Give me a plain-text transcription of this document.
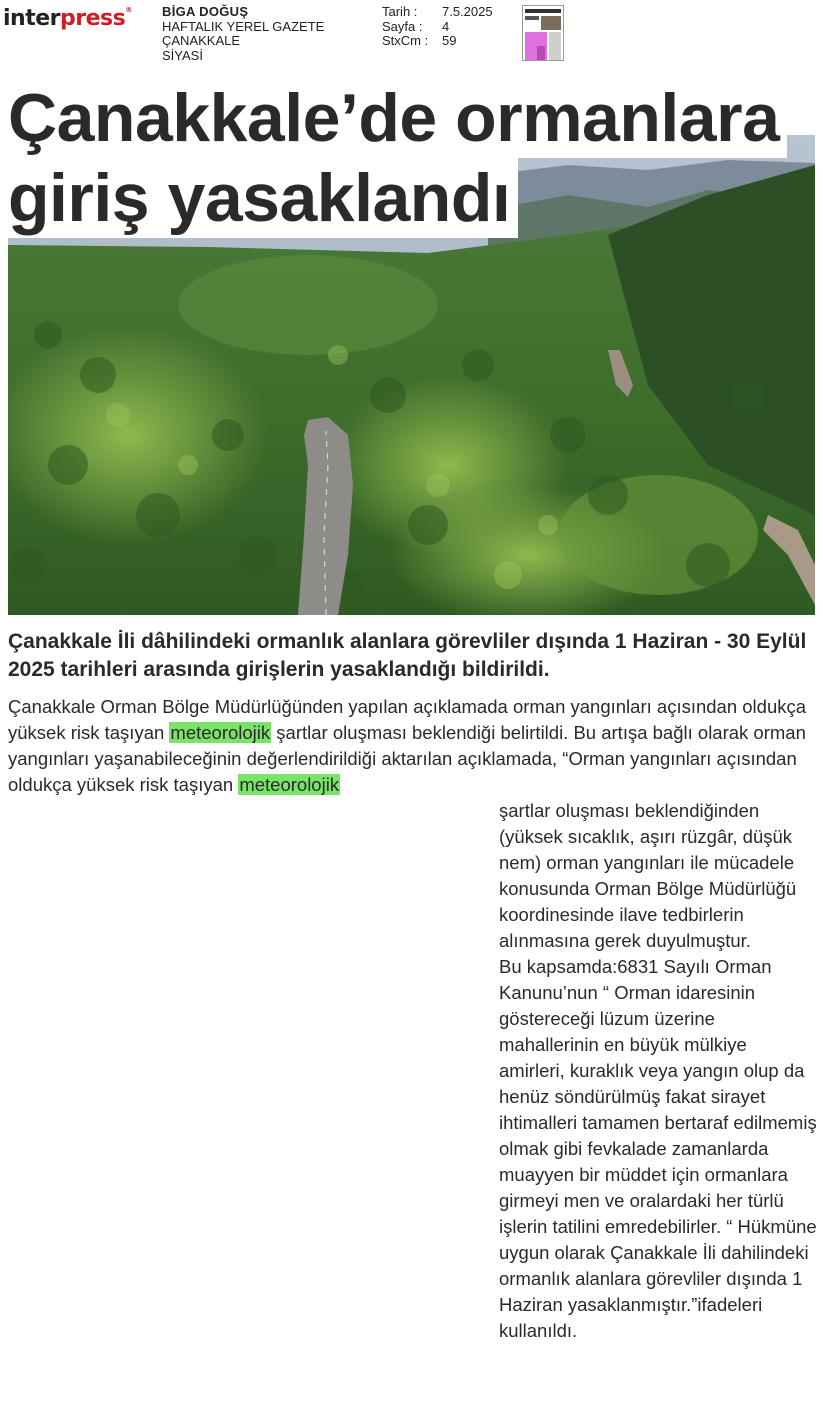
interpress® BİGA DOĞUŞ
HAFTALIK YEREL GAZETE
ÇANAKKALE
SİYASİ
Tarih :	7.5.2025
Sayfa :	4
StxCm :	59
Çanakkale’de ormanlara
giriş yasaklandı
Çanakkale İli dâhilindeki ormanlık alanlara görevliler dışında 1 Haziran - 30 Eylül 2025 tarihleri arasında girişlerin yasaklandığı bildirildi.
Çanakkale Orman Bölge Müdürlüğünden yapılan açıklamada orman yangınları açısından oldukça yüksek risk taşıyan meteorolojik şartlar oluşması beklendiği belirtildi. Bu artışa bağlı olarak orman yangınları yaşanabileceğinin değerlendirildiği aktarılan açıklamada, “Orman yangınları açısından oldukça yüksek risk taşıyan meteorolojik

şartlar oluşması beklendiğinden (yüksek sıcaklık, aşırı rüzgâr, düşük nem) orman yangınları ile mücadele konusunda Orman Bölge Müdürlüğü koordinesinde ilave tedbirlerin alınmasına gerek duyulmuştur.

Bu kapsamda:6831 Sayılı Orman Kanunu’nun “ Orman idaresinin göstereceği lüzum üzerine mahallerinin en büyük mülkiye amirleri, kuraklık veya yangın olup da henüz söndürülmüş fakat sirayet ihtimalleri tamamen bertaraf edilmemiş olmak gibi fevkalade zamanlarda muayyen bir müddet için ormanlara girmeyi men ve oralardaki her türlü işlerin tatilini emredebilirler. “ Hükmüne uygun olarak Çanakkale İli dahilindeki ormanlık alanlara görevliler dışında 1 Haziran yasaklanmıştır.”ifadeleri kullanıldı.
